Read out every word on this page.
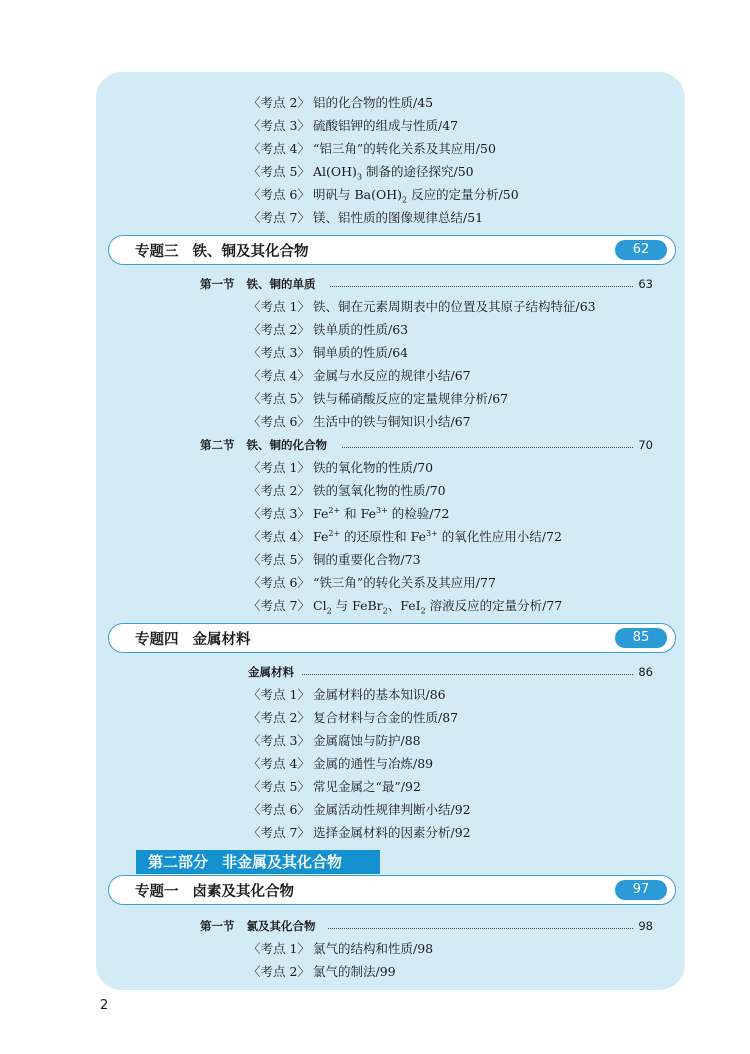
〈考点 2〉 铝的化合物的性质/45
〈考点 3〉 硫酸铝钾的组成与性质/47
〈考点 4〉 “铝三角”的转化关系及其应用/50
〈考点 5〉 $Al(OH)_3$ 制备的途径探究/50
〈考点 6〉 明矾与 $Ba(OH)_2$ 反应的定量分析/50
〈考点 7〉 镁、铝性质的图像规律总结/51
专题三 铁、铜及其化合物	62
第一节 铁、铜的单质	63
〈考点 1〉 铁、铜在元素周期表中的位置及其原子结构特征/63
〈考点 2〉 铁单质的性质/63
〈考点 3〉 铜单质的性质/64
〈考点 4〉 金属与水反应的规律小结/67
〈考点 5〉 铁与稀硝酸反应的定量规律分析/67
〈考点 6〉 生活中的铁与铜知识小结/67
第二节 铁、铜的化合物	70
〈考点 1〉 铁的氧化物的性质/70
〈考点 2〉 铁的氢氧化物的性质/70
〈考点 3〉 $Fe^{2+}$ 和 $Fe^{3+}$ 的检验/72
〈考点 4〉 $Fe^{2+}$ 的还原性和 $Fe^{3+}$ 的氧化性应用小结/72
〈考点 5〉 铜的重要化合物/73
〈考点 6〉 “铁三角”的转化关系及其应用/77
〈考点 7〉 $Cl_2$ 与 FeBr$_2$、FeI$_2$ 溶液反应的定量分析/77
专题四 金属材料	85
金属材料	86
〈考点 1〉 金属材料的基本知识/86
〈考点 2〉 复合材料与合金的性质/87
〈考点 3〉 金属腐蚀与防护/88
〈考点 4〉 金属的通性与冶炼/89
〈考点 5〉 常见金属之“最”/92
〈考点 6〉 金属活动性规律判断小结/92
〈考点 7〉 选择金属材料的因素分析/92
第二部分 非金属及其化合物
专题一 卤素及其化合物	97
第一节 氯及其化合物	98
〈考点 1〉 氯气的结构和性质/98
〈考点 2〉 氯气的制法/99
2
